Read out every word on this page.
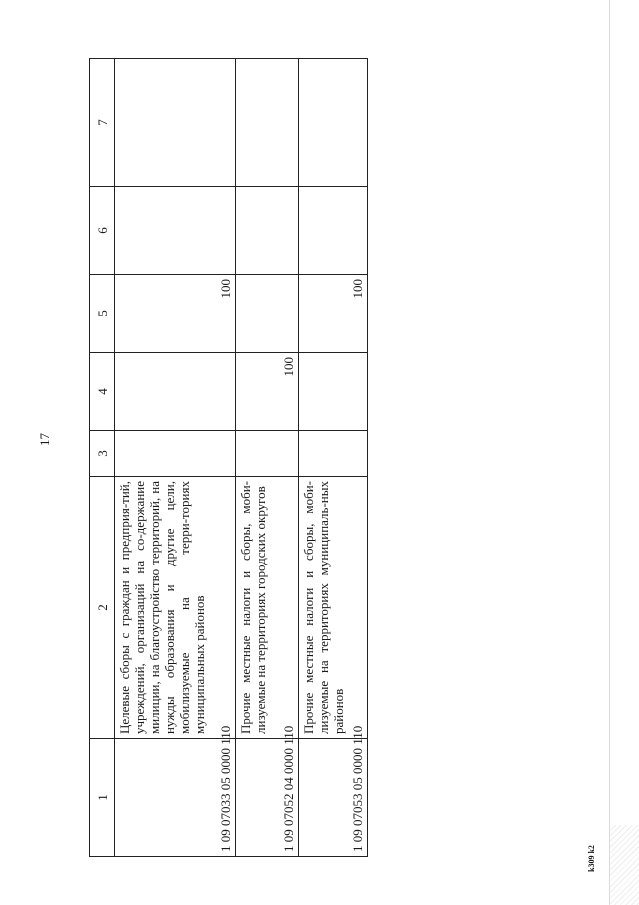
17
k309 k2
1	2	3	4	5	6	7
1 09 07033 05 0000 110	Целевые сборы с граждан и предприя-тий, учреждений, организаций на со-держание милиции, на благоустройство территорий, на нужды образования и другие цели, мобилизуемые на терри-ториях муниципальных районов			100		
1 09 07052 04 0000 110	Прочие местные налоги и сборы, моби-лизуемые на территориях городских округов		100			
1 09 07053 05 0000 110	Прочие местные налоги и сборы, моби-лизуемые на территориях муниципаль-ных районов			100		
